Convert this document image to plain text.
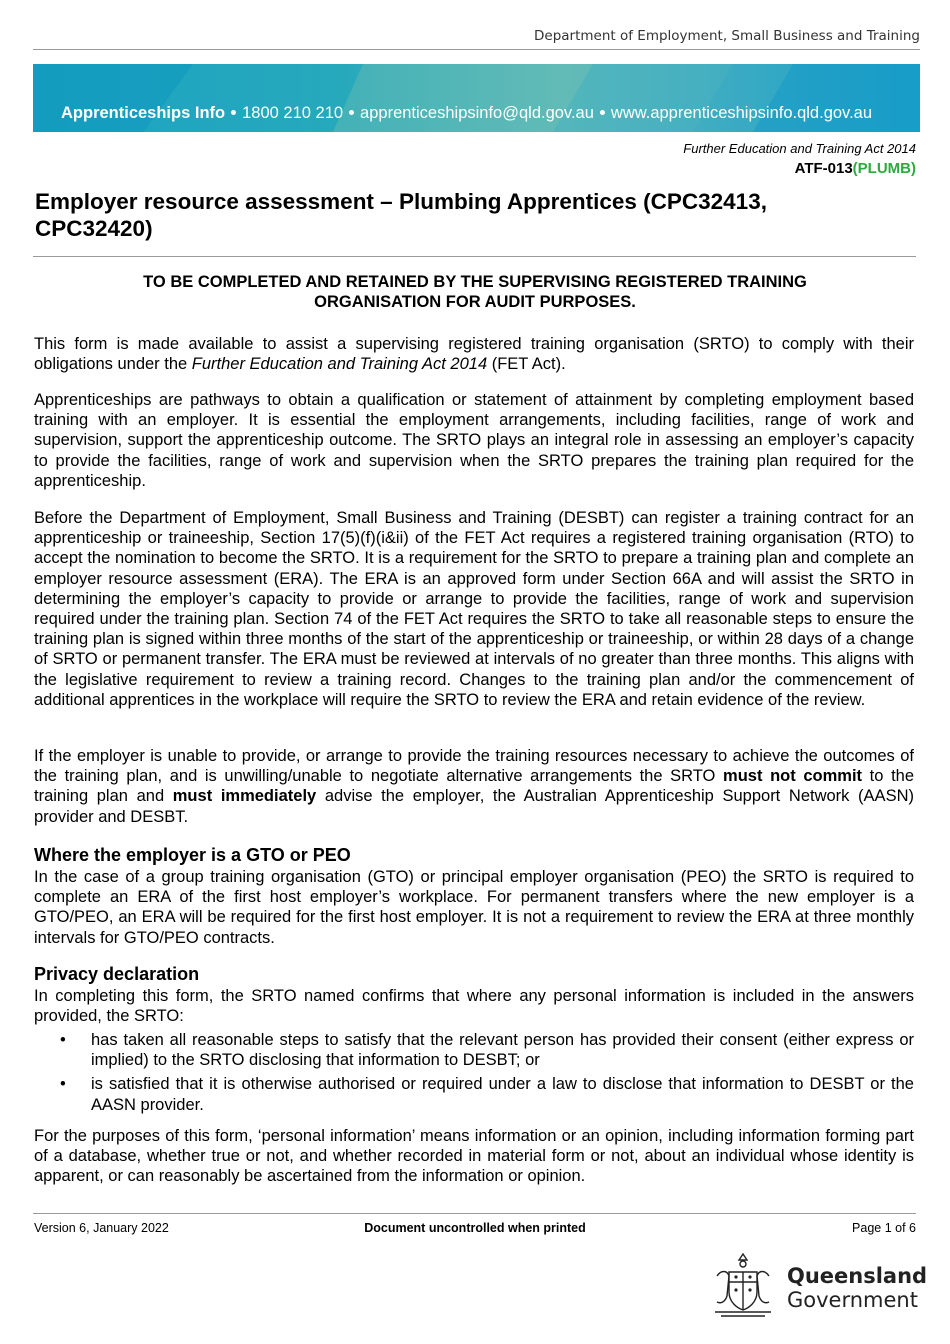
Department of Employment, Small Business and Training
Apprenticeships Info 1800 210 210 apprenticeshipsinfo@qld.gov.au www.apprenticeshipsinfo.qld.gov.au
Further Education and Training Act 2014
ATF-013(PLUMB)
Employer resource assessment – Plumbing Apprentices (CPC32413,
CPC32420)
TO BE COMPLETED AND RETAINED BY THE SUPERVISING REGISTERED TRAINING
ORGANISATION FOR AUDIT PURPOSES.
This form is made available to assist a supervising registered training organisation (SRTO) to comply with their obligations under the Further Education and Training Act 2014 (FET Act).
Apprenticeships are pathways to obtain a qualification or statement of attainment by completing employment based training with an employer. It is essential the employment arrangements, including facilities, range of work and supervision, support the apprenticeship outcome. The SRTO plays an integral role in assessing an employer’s capacity to provide the facilities, range of work and supervision when the SRTO prepares the training plan required for the apprenticeship.
Before the Department of Employment, Small Business and Training (DESBT) can register a training contract for an apprenticeship or traineeship, Section 17(5)(f)(i&ii) of the FET Act requires a registered training organisation (RTO) to accept the nomination to become the SRTO. It is a requirement for the SRTO to prepare a training plan and complete an employer resource assessment (ERA). The ERA is an approved form under Section 66A and will assist the SRTO in determining the employer’s capacity to provide or arrange to provide the facilities, range of work and supervision required under the training plan. Section 74 of the FET Act requires the SRTO to take all reasonable steps to ensure the training plan is signed within three months of the start of the apprenticeship or traineeship, or within 28 days of a change of SRTO or permanent transfer. The ERA must be reviewed at intervals of no greater than three months. This aligns with the legislative requirement to review a training record. Changes to the training plan and/or the commencement of additional apprentices in the workplace will require the SRTO to review the ERA and retain evidence of the review.
If the employer is unable to provide, or arrange to provide the training resources necessary to achieve the outcomes of the training plan, and is unwilling/unable to negotiate alternative arrangements the SRTO must not commit to the training plan and must immediately advise the employer, the Australian Apprenticeship Support Network (AASN) provider and DESBT.
Where the employer is a GTO or PEO
In the case of a group training organisation (GTO) or principal employer organisation (PEO) the SRTO is required to complete an ERA of the first host employer’s workplace. For permanent transfers where the new employer is a GTO/PEO, an ERA will be required for the first host employer. It is not a requirement to review the ERA at three monthly intervals for GTO/PEO contracts.
Privacy declaration
In completing this form, the SRTO named confirms that where any personal information is included in the answers provided, the SRTO:
•	has taken all reasonable steps to satisfy that the relevant person has provided their consent (either express or implied) to the SRTO disclosing that information to DESBT; or
•	is satisfied that it is otherwise authorised or required under a law to disclose that information to DESBT or the AASN provider.
For the purposes of this form, ‘personal information’ means information or an opinion, including information forming part of a database, whether true or not, and whether recorded in material form or not, about an individual whose identity is apparent, or can reasonably be ascertained from the information or opinion.
Document uncontrolled when printed
Version 6, January 2022	Page 1 of 6
Queensland
Government
